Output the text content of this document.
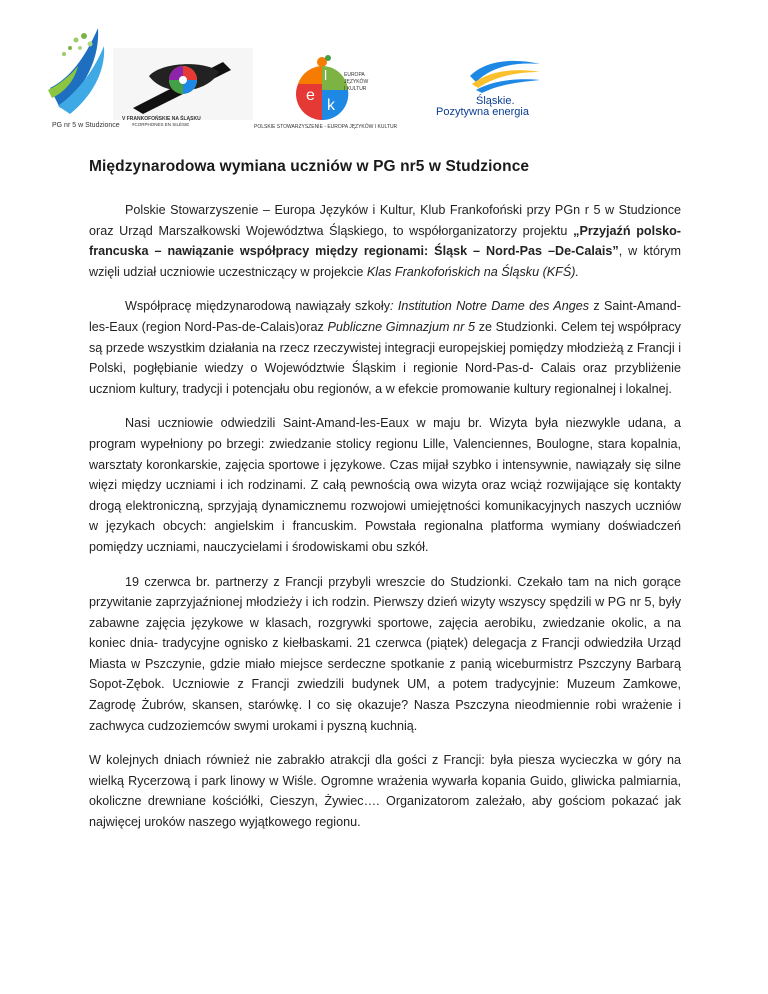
PG nr 5 w Studzionce
V FRANKOFOŃSKIE NA ŚLĄSKU
#CORPHONES EN SILÉSIE
e
l
k
EUROPA
JĘZYKÓW
I KULTUR
POLSKIE STOWARZYSZENIE - EUROPA JĘZYKÓW I KULTUR
Śląskie.
Pozytywna energia
Międzynarodowa wymiana uczniów w PG nr5 w Studzionce

Polskie Stowarzyszenie – Europa Języków i Kultur, Klub Frankofoński przy PGn r 5 w Studzionce oraz Urząd Marszałkowski Województwa Śląskiego, to współorganizatorzy projektu „Przyjaźń polsko-francuska – nawiązanie współpracy między regionami: Śląsk – Nord-Pas –De-Calais”, w którym wzięli udział uczniowie uczestniczący w projekcie Klas Frankofońskich na Śląsku (KFŚ).

Współpracę międzynarodową nawiązały szkoły: Institution Notre Dame des Anges z Saint-Amand-les-Eaux (region Nord-Pas-de-Calais)oraz Publiczne Gimnazjum nr 5 ze Studzionki. Celem tej współpracy są przede wszystkim działania na rzecz rzeczywistej integracji europejskiej pomiędzy młodzieżą z Francji i Polski, pogłębianie wiedzy o Województwie Śląskim i regionie Nord-Pas-d- Calais oraz przybliżenie uczniom kultury, tradycji i potencjału obu regionów, a w efekcie promowanie kultury regionalnej i lokalnej.

Nasi uczniowie odwiedzili Saint-Amand-les-Eaux w maju br. Wizyta była niezwykle udana, a program wypełniony po brzegi: zwiedzanie stolicy regionu Lille, Valenciennes, Boulogne, stara kopalnia, warsztaty koronkarskie, zajęcia sportowe i językowe. Czas mijał szybko i intensywnie, nawiązały się silne więzi między uczniami i ich rodzinami. Z całą pewnością owa wizyta oraz wciąż rozwijające się kontakty drogą elektroniczną, sprzyjają dynamicznemu rozwojowi umiejętności komunikacyjnych naszych uczniów w językach obcych: angielskim i francuskim. Powstała regionalna platforma wymiany doświadczeń pomiędzy uczniami, nauczycielami i środowiskami obu szkół.

19 czerwca br. partnerzy z Francji przybyli wreszcie do Studzionki. Czekało tam na nich gorące przywitanie zaprzyjaźnionej młodzieży i ich rodzin. Pierwszy dzień wizyty wszyscy spędzili w PG nr 5, były zabawne zajęcia językowe w klasach, rozgrywki sportowe, zajęcia aerobiku, zwiedzanie okolic, a na koniec dnia- tradycyjne ognisko z kiełbaskami. 21 czerwca (piątek) delegacja z Francji odwiedziła Urząd Miasta w Pszczynie, gdzie miało miejsce serdeczne spotkanie z panią wiceburmistrz Pszczyny Barbarą Sopot-Zębok. Uczniowie z Francji zwiedzili budynek UM, a potem tradycyjnie: Muzeum Zamkowe, Zagrodę Żubrów, skansen, starówkę. I co się okazuje? Nasza Pszczyna nieodmiennie robi wrażenie i zachwyca cudzoziemców swymi urokami i pyszną kuchnią.

W kolejnych dniach również nie zabrakło atrakcji dla gości z Francji: była piesza wycieczka w góry na wielką Rycerzową i park linowy w Wiśle. Ogromne wrażenia wywarła kopania Guido, gliwicka palmiarnia, okoliczne drewniane kościółki, Cieszyn, Żywiec…. Organizatorom zależało, aby gościom pokazać jak najwięcej uroków naszego wyjątkowego regionu.
